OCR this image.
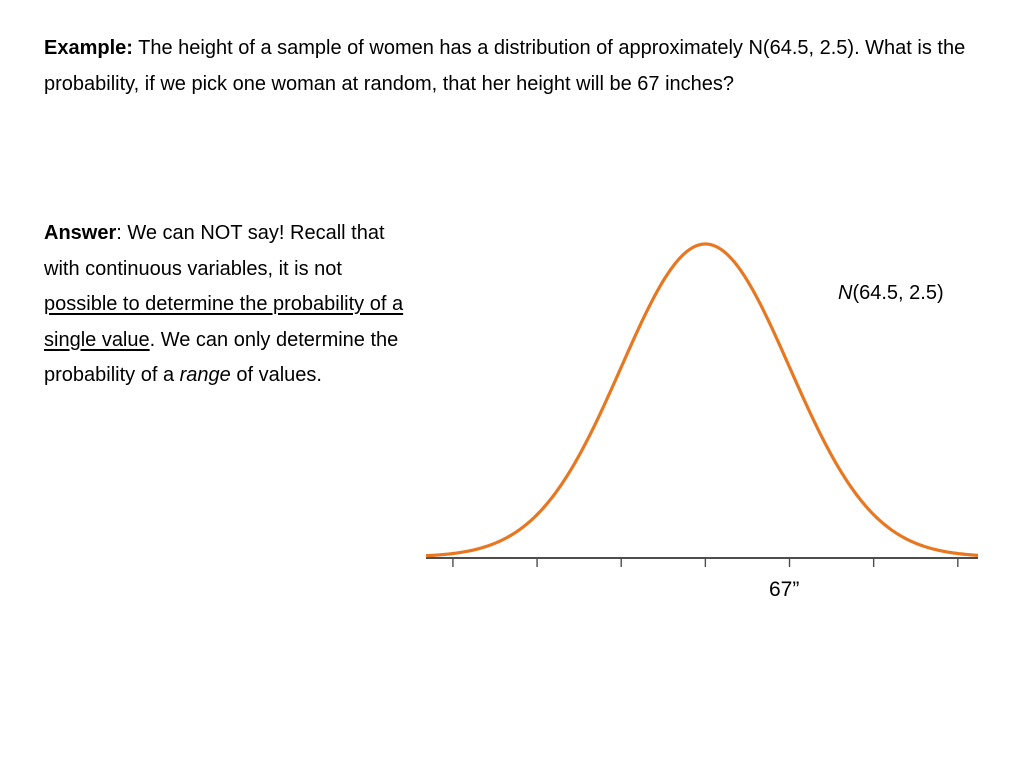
Example: The height of a sample of women has a distribution of approximately N(64.5, 2.5). What is the probability, if we pick one woman at random, that her height will be 67 inches?

Answer: We can NOT say! Recall that with continuous variables, it is not possible to determine the probability of a single value. We can only determine the probability of a range of values.

N(64.5, 2.5)
67”
